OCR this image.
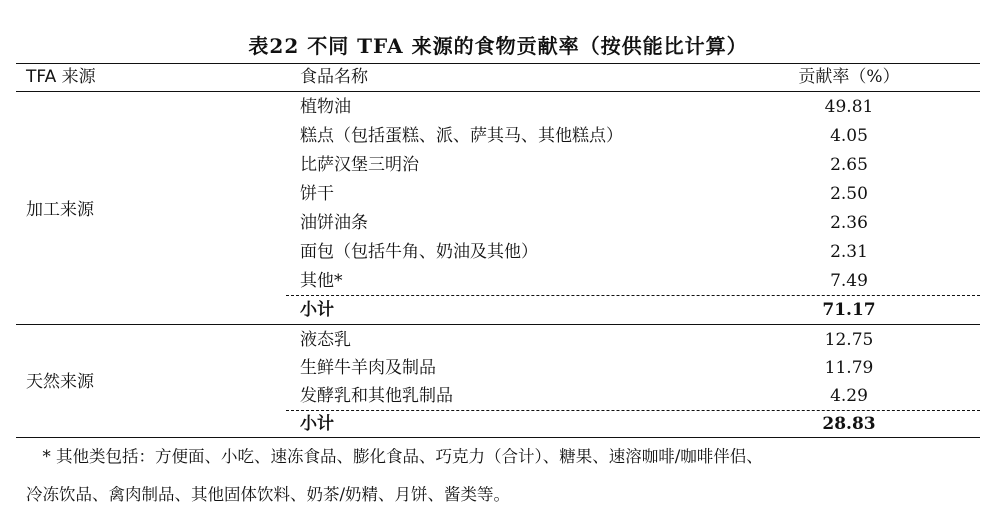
表22 不同 TFA 来源的食物贡献率（按供能比计算）
TFA 来源	食品名称	贡献率（%）
加工来源
植物油	49.81
糕点（包括蛋糕、派、萨其马、其他糕点）	4.05
比萨汉堡三明治	2.65
饼干	2.50
油饼油条	2.36
面包（包括牛角、奶油及其他）	2.31
其他*	7.49
小计	71.17
天然来源
液态乳	12.75
生鲜牛羊肉及制品	11.79
发酵乳和其他乳制品	4.29
小计	28.83
　* 其他类包括：方便面、小吃、速冻食品、膨化食品、巧克力（合计）、糖果、速溶咖啡/咖啡伴侣、
冷冻饮品、禽肉制品、其他固体饮料、奶茶/奶精、月饼、酱类等。
